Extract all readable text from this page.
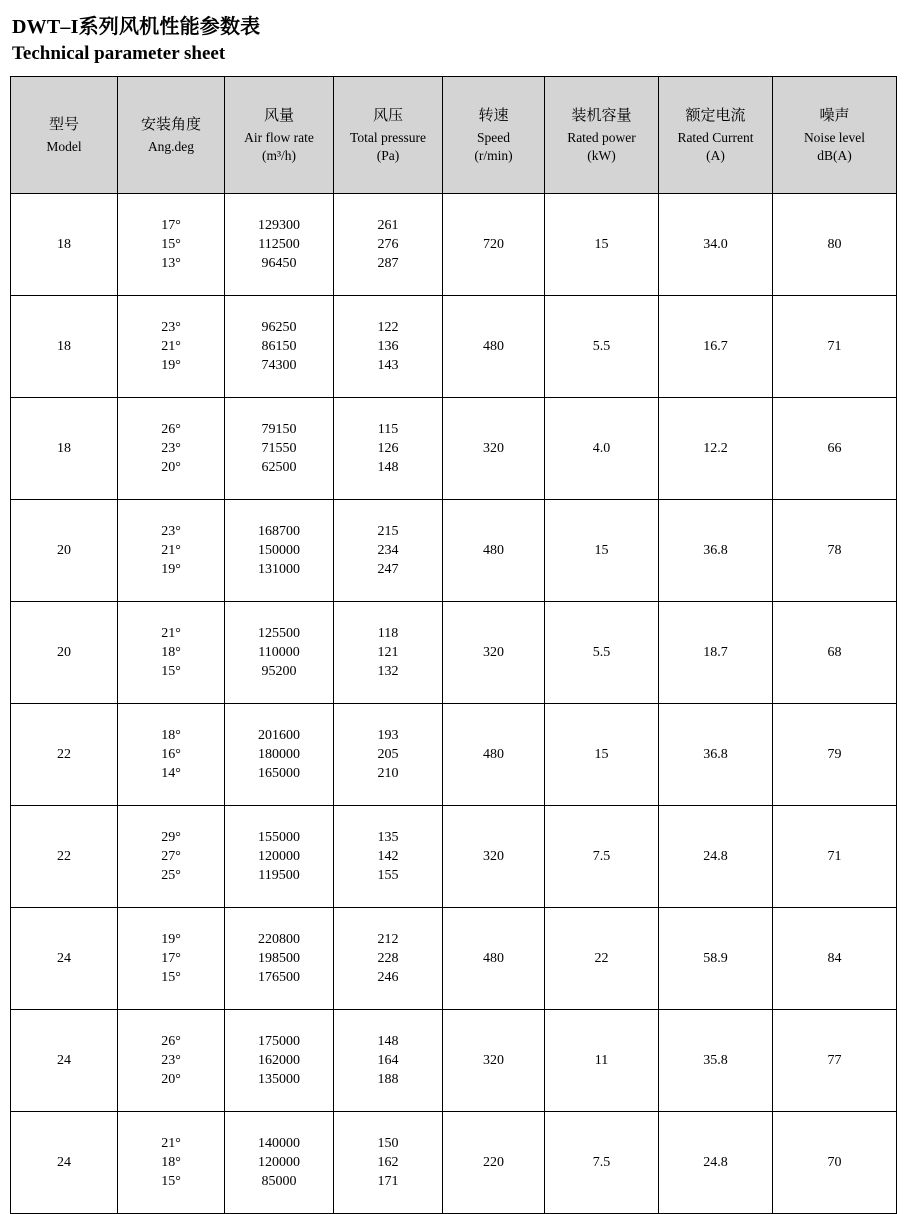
DWT–I系列风机性能参数表
Technical parameter sheet
型号
Model	安装角度
Ang.deg	风量
Air flow rate
(m³/h)	风压
Total pressure
(Pa)	转速
Speed
(r/min)	装机容量
Rated power
(kW)	额定电流
Rated Current
(A)	噪声
Noise level
dB(A)

18	17°
15°
13°	129300
112500
96450	261
276
287	720	15	34.0	80
18	23°
21°
19°	96250
86150
74300	122
136
143	480	5.5	16.7	71
18	26°
23°
20°	79150
71550
62500	115
126
148	320	4.0	12.2	66
20	23°
21°
19°	168700
150000
131000	215
234
247	480	15	36.8	78
20	21°
18°
15°	125500
110000
95200	118
121
132	320	5.5	18.7	68
22	18°
16°
14°	201600
180000
165000	193
205
210	480	15	36.8	79
22	29°
27°
25°	155000
120000
119500	135
142
155	320	7.5	24.8	71
24	19°
17°
15°	220800
198500
176500	212
228
246	480	22	58.9	84
24	26°
23°
20°	175000
162000
135000	148
164
188	320	11	35.8	77
24	21°
18°
15°	140000
120000
85000	150
162
171	220	7.5	24.8	70
